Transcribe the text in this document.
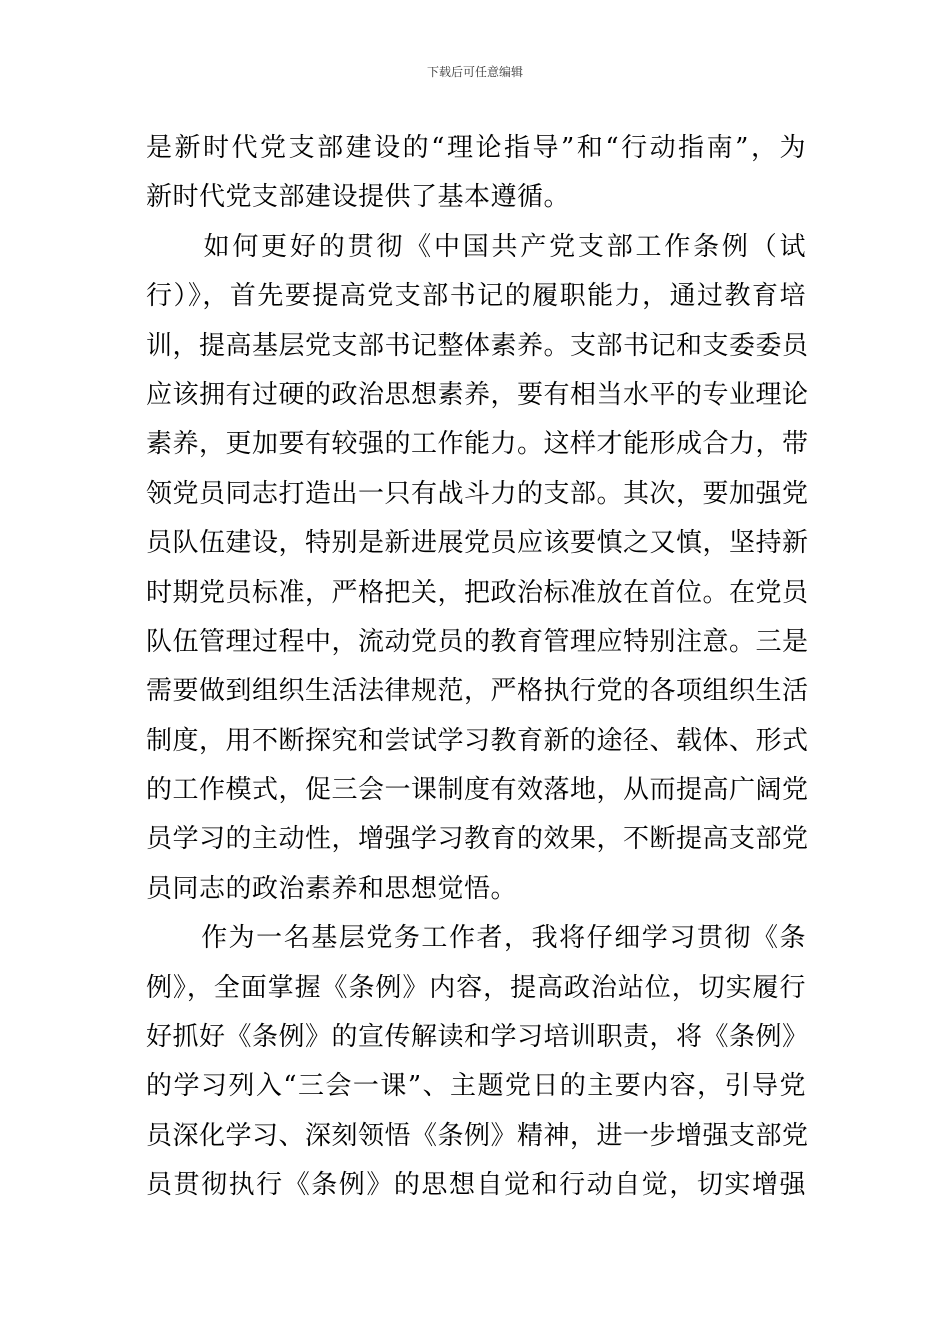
下载后可任意编辑
是新时代党支部建设的“理论指导”和“行动指南”，为
新时代党支部建设提供了基本遵循。
　　如何更好的贯彻《中国共产党支部工作条例（试
行）》，首先要提高党支部书记的履职能力，通过教育培
训，提高基层党支部书记整体素养。支部书记和支委委员
应该拥有过硬的政治思想素养，要有相当水平的专业理论
素养，更加要有较强的工作能力。这样才能形成合力，带
领党员同志打造出一只有战斗力的支部。其次，要加强党
员队伍建设，特别是新进展党员应该要慎之又慎，坚持新
时期党员标准，严格把关，把政治标准放在首位。在党员
队伍管理过程中，流动党员的教育管理应特别注意。三是
需要做到组织生活法律规范，严格执行党的各项组织生活
制度，用不断探究和尝试学习教育新的途径、载体、形式
的工作模式，促三会一课制度有效落地，从而提高广阔党
员学习的主动性，增强学习教育的效果，不断提高支部党
员同志的政治素养和思想觉悟。
　　作为一名基层党务工作者，我将仔细学习贯彻《条
例》，全面掌握《条例》内容，提高政治站位，切实履行
好抓好《条例》的宣传解读和学习培训职责，将《条例》
的学习列入“三会一课”、主题党日的主要内容，引导党
员深化学习、深刻领悟《条例》精神，进一步增强支部党
员贯彻执行《条例》的思想自觉和行动自觉，切实增强
